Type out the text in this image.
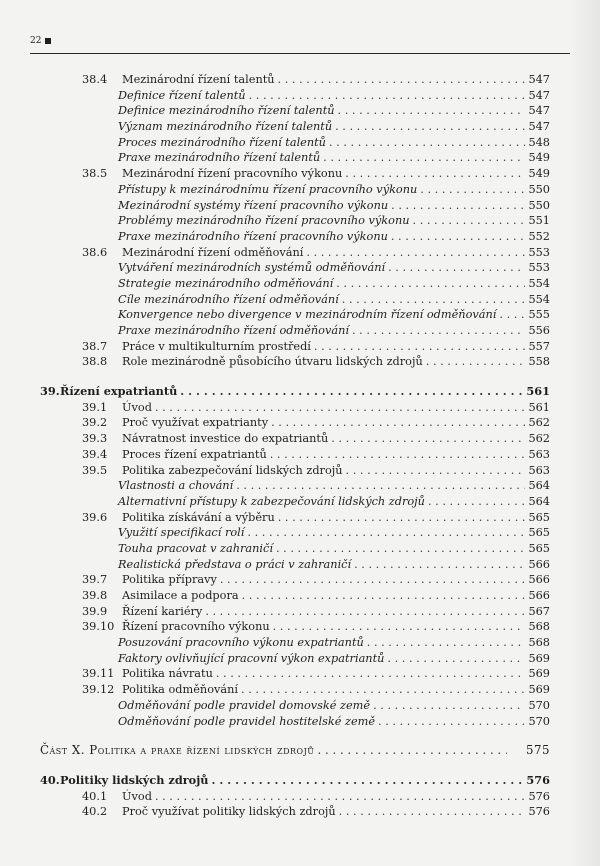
22
38.4	Mezinárodní řízení talentů . . .	547
Definice řízení talentů . . .	547
Definice mezinárodního řízení talentů . . .	547
Význam mezinárodního řízení talentů . . .	547
Proces mezinárodního řízení talentů . . .	548
Praxe mezinárodního řízení talentů . . .	549
38.5	Mezinárodní řízení pracovního výkonu . . .	549
Přístupy k mezinárodnímu řízení pracovního výkonu . . .	550
Mezinárodní systémy řízení pracovního výkonu . . .	550
Problémy mezinárodního řízení pracovního výkonu . . .	551
Praxe mezinárodního řízení pracovního výkonu . . .	552
38.6	Mezinárodní řízení odměňování . . .	553
Vytváření mezinárodních systémů odměňování . . .	553
Strategie mezinárodního odměňování . . .	554
Cíle mezinárodního řízení odměňování . . .	554
Konvergence nebo divergence v mezinárodním řízení odměňování . . .	555
Praxe mezinárodního řízení odměňování . . .	556
38.7	Práce v multikulturním prostředí . . .	557
38.8	Role mezinárodně působícího útvaru lidských zdrojů . . .	558
39. Řízení expatriantů . . .	561
39.1	Úvod . . .	561
39.2	Proč využívat expatrianty . . .	562
39.3	Návratnost investice do expatriantů . . .	562
39.4	Proces řízení expatriantů . . .	563
39.5	Politika zabezpečování lidských zdrojů . . .	563
Vlastnosti a chování . . .	564
Alternativní přístupy k zabezpečování lidských zdrojů . . .	564
39.6	Politika získávání a výběru . . .	565
Využití specifikací rolí . . .	565
Touha pracovat v zahraničí . . .	565
Realistická představa o práci v zahraničí . . .	566
39.7	Politika přípravy . . .	566
39.8	Asimilace a podpora . . .	566
39.9	Řízení kariéry . . .	567
39.10 Řízení pracovního výkonu . . .	568
Posuzování pracovního výkonu expatriantů . . .	568
Faktory ovlivňující pracovní výkon expatriantů . . .	569
39.11 Politika návratu . . .	569
39.12 Politika odměňování . . .	569
Odměňování podle pravidel domovské země . . .	570
Odměňování podle pravidel hostitelské země . . .	570
Část X. Politika a praxe řízení lidských zdrojů . . .	575
40. Politiky lidských zdrojů . . .	576
40.1	Úvod . . .	576
40.2	Proč využívat politiky lidských zdrojů . . .	576
